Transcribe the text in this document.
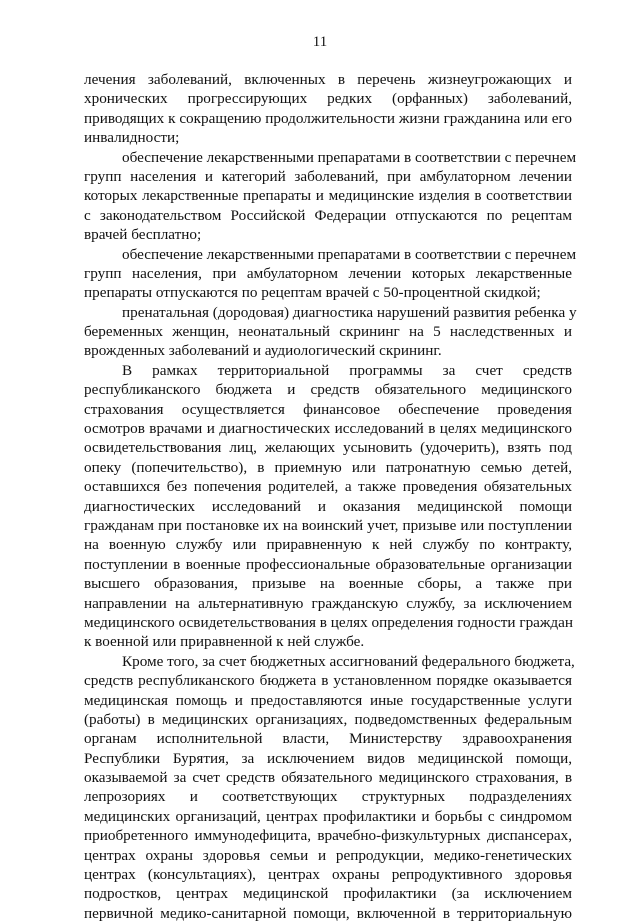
11
лечения заболеваний, включенных в перечень жизнеугрожающих и
хронических прогрессирующих редких (орфанных) заболеваний,
приводящих к сокращению продолжительности жизни гражданина или его
инвалидности;
обеспечение лекарственными препаратами в соответствии с перечнем
групп населения и категорий заболеваний, при амбулаторном лечении
которых лекарственные препараты и медицинские изделия в соответствии
с законодательством Российской Федерации отпускаются по рецептам
врачей бесплатно;
обеспечение лекарственными препаратами в соответствии с перечнем
групп населения, при амбулаторном лечении которых лекарственные
препараты отпускаются по рецептам врачей с 50-процентной скидкой;
пренатальная (дородовая) диагностика нарушений развития ребенка у
беременных женщин, неонатальный скрининг на 5 наследственных и
врожденных заболеваний и аудиологический скрининг.
В рамках территориальной программы за счет средств
республиканского бюджета и средств обязательного медицинского
страхования осуществляется финансовое обеспечение проведения
осмотров врачами и диагностических исследований в целях медицинского
освидетельствования лиц, желающих усыновить (удочерить), взять под
опеку (попечительство), в приемную или патронатную семью детей,
оставшихся без попечения родителей, а также проведения обязательных
диагностических исследований и оказания медицинской помощи
гражданам при постановке их на воинский учет, призыве или поступлении
на военную службу или приравненную к ней службу по контракту,
поступлении в военные профессиональные образовательные организации
высшего образования, призыве на военные сборы, а также при
направлении на альтернативную гражданскую службу, за исключением
медицинского освидетельствования в целях определения годности граждан
к военной или приравненной к ней службе.
Кроме того, за счет бюджетных ассигнований федерального бюджета,
средств республиканского бюджета в установленном порядке оказывается
медицинская помощь и предоставляются иные государственные услуги
(работы) в медицинских организациях, подведомственных федеральным
органам исполнительной власти, Министерству здравоохранения
Республики Бурятия, за исключением видов медицинской помощи,
оказываемой за счет средств обязательного медицинского страхования, в
лепрозориях и соответствующих структурных подразделениях
медицинских организаций, центрах профилактики и борьбы с синдромом
приобретенного иммунодефицита, врачебно-физкультурных диспансерах,
центрах охраны здоровья семьи и репродукции, медико-генетических
центрах (консультациях), центрах охраны репродуктивного здоровья
подростков, центрах медицинской профилактики (за исключением
первичной медико-санитарной помощи, включенной в территориальную
